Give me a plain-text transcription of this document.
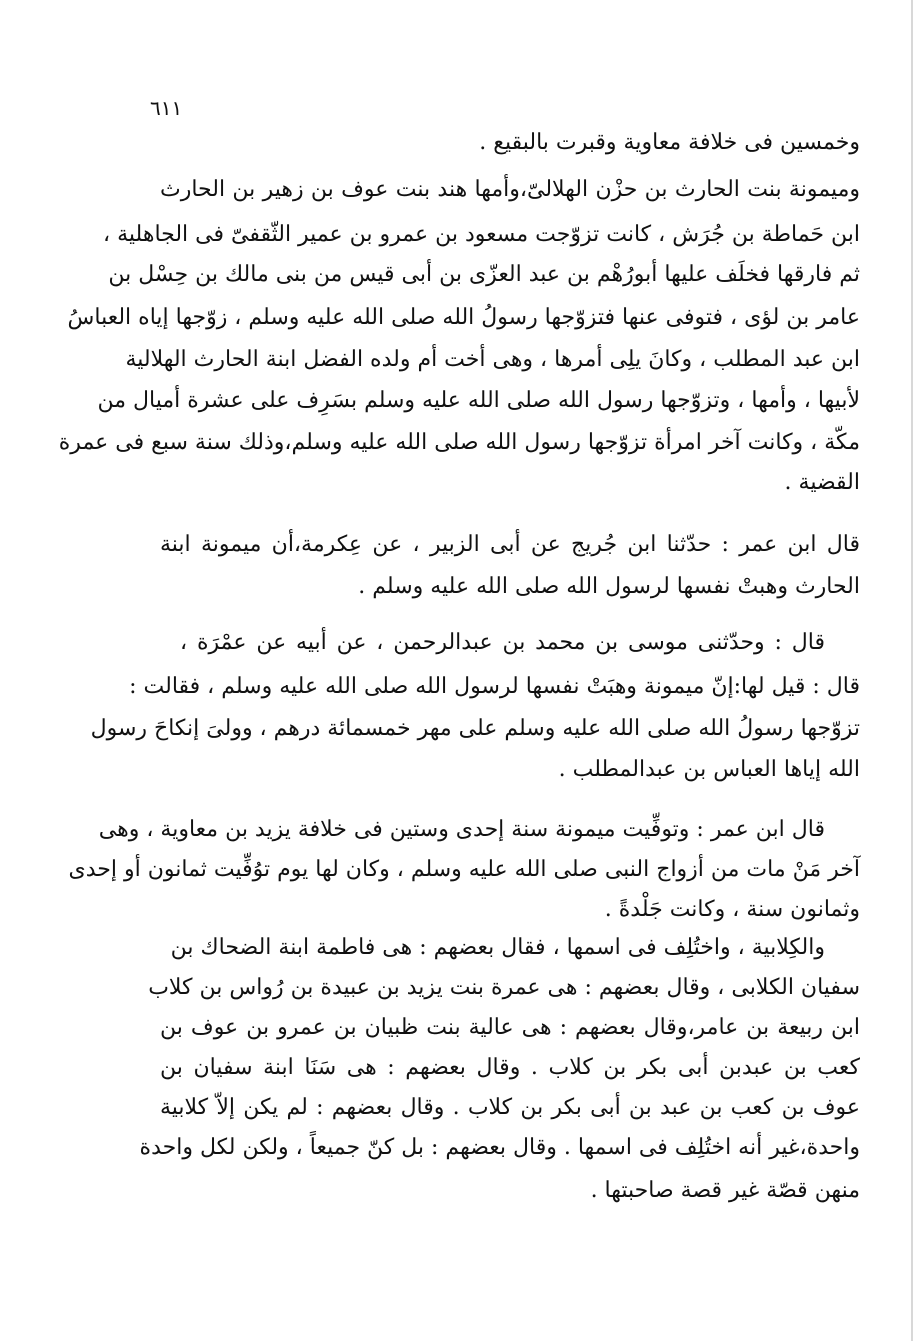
٦١١
وخمسين فى خلافة معاوية وقبرت بالبقيع .
وميمونة بنت الحارث بن حزْن الهلالىّ،وأمها هند بنت عوف بن زهير بن الحارث
ابن حَماطة بن جُرَش ، كانت تزوّجت مسعود بن عمرو بن عمير الثّقفىّ فى الجاهلية ،
ثم فارقها فخلَف عليها أبورُهْم بن عبد العزّى بن أبى قيس من بنى مالك بن حِسْل بن
عامر بن لؤى ، فتوفى عنها فتزوّجها رسولُ الله صلى الله عليه وسلم ، زوّجها إياه العباسُ
ابن عبد المطلب ، وكانَ يلِى أمرها ، وهى أخت أم ولده الفضل ابنة الحارث الهلالية
لأبيها ، وأمها ، وتزوّجها رسول الله صلى الله عليه وسلم بسَرِف على عشرة أميال من
مكّة ، وكانت آخر امرأة تزوّجها رسول الله صلى الله عليه وسلم،وذلك سنة سبع فى عمرة
القضية .
قال ابن عمر : حدّثنا ابن جُريج عن أبى الزبير ، عن عِكرمة،أن ميمونة ابنة
الحارث وهبتْ نفسها لرسول الله صلى الله عليه وسلم .
قال : وحدّثنى موسى بن محمد بن عبدالرحمن ، عن أبيه عن عمْرَة ،
قال : قيل لها:إنّ ميمونة وهبَتْ نفسها لرسول الله صلى الله عليه وسلم ، فقالت :
تزوّجها رسولُ الله صلى الله عليه وسلم على مهر خمسمائة درهم ، وولىَ إنكاحَ رسول
الله إياها العباس بن عبدالمطلب .
قال ابن عمر : وتوفِّيت ميمونة سنة إحدى وستين فى خلافة يزيد بن معاوية ، وهى
آخر مَنْ مات من أزواج النبى صلى الله عليه وسلم ، وكان لها يوم توُفِّيت ثمانون أو إحدى
وثمانون سنة ، وكانت جَلْدةً .
والكِلابية ، واختُلِف فى اسمها ، فقال بعضهم : هى فاطمة ابنة الضحاك بن
سفيان الكلابى ، وقال بعضهم : هى عمرة بنت يزيد بن عبيدة بن رُواس بن كلاب
ابن ربيعة بن عامر،وقال بعضهم : هى عالية بنت ظبيان بن عمرو بن عوف بن
كعب بن عبدبن أبى بكر بن كلاب . وقال بعضهم : هى سَنَا ابنة سفيان بن
عوف بن كعب بن عبد بن أبى بكر بن كلاب . وقال بعضهم : لم يكن إلاّ كلابية
واحدة،غير أنه اختُلِف فى اسمها . وقال بعضهم : بل كنّ جميعاً ، ولكن لكل واحدة
منهن قصّة غير قصة صاحبتها .
